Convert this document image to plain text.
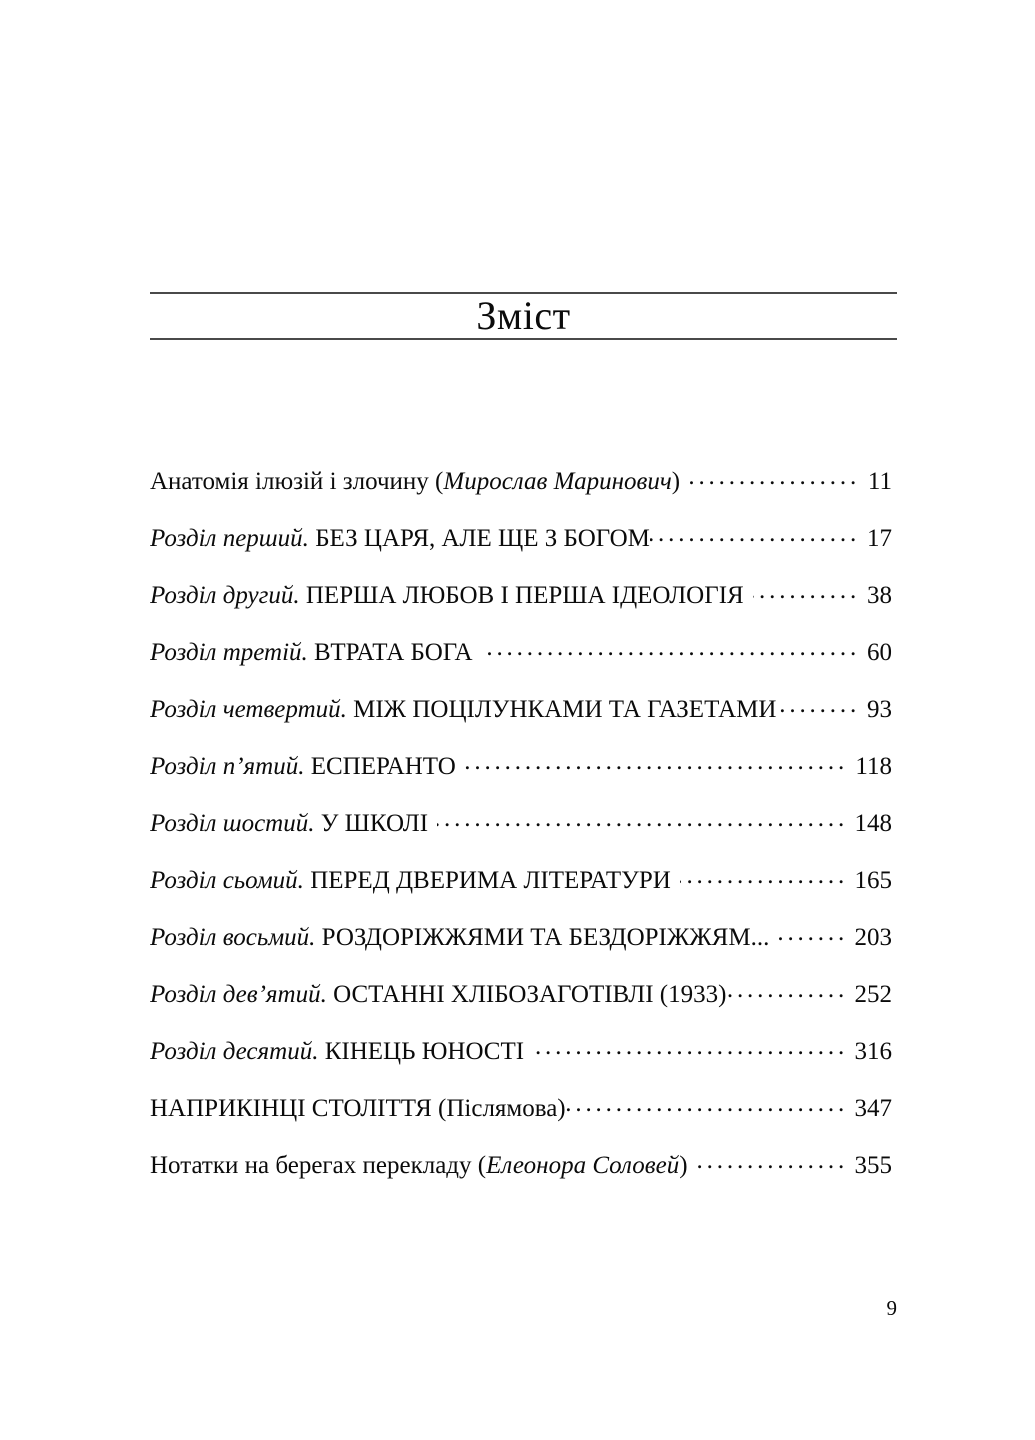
Зміст
Анатомія ілюзій і злочину (Мирослав Маринович) . . .	11
Розділ перший. БЕЗ ЦАРЯ, АЛЕ ЩЕ З БОГОМ . . .	17
Розділ другий. ПЕРША ЛЮБОВ І ПЕРША ІДЕОЛОГІЯ . . .	38
Розділ третій. ВТРАТА БОГА . . .	60
Розділ четвертий. МІЖ ПОЦІЛУНКАМИ ТА ГАЗЕТАМИ . . .	93
Розділ п’ятий. ЕСПЕРАНТО . . .	118
Розділ шостий. У ШКОЛІ . . .	148
Розділ сьомий. ПЕРЕД ДВЕРИМА ЛІТЕРАТУРИ . . .	165
Розділ восьмий. РОЗДОРІЖЖЯМИ ТА БЕЗДОРІЖЖЯМ... . . .	203
Розділ дев’ятий. ОСТАННІ ХЛІБОЗАГОТІВЛІ (1933) . . .	252
Розділ десятий. КІНЕЦЬ ЮНОСТІ . . .	316
НАПРИКІНЦІ СТОЛІТТЯ (Післямова) . . .	347
Нотатки на берегах перекладу (Елеонора Соловей) . . .	355
9
